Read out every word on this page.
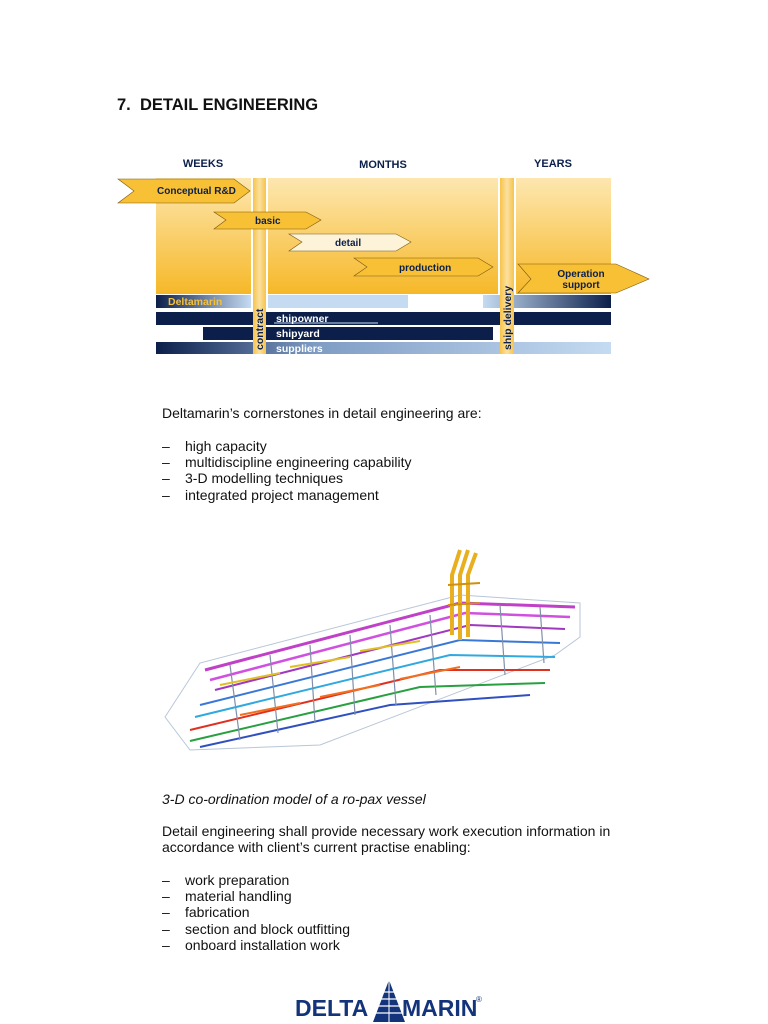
7. DETAIL ENGINEERING
WEEKS	MONTHS	YEARS
Deltamarin
shipowner
shipyard
suppliers
contract	ship delivery
Conceptual R&D
basic
detail
production
Operation
support
Deltamarin’s cornerstones in detail engineering are:
– high capacity
– multidiscipline engineering capability
– 3-D modelling techniques
– integrated project management
3-D co-ordination model of a ro-pax vessel
Detail engineering shall provide necessary work execution information in accordance with client’s current practise enabling:
– work preparation
– material handling
– fabrication
– section and block outfitting
– onboard installation work
DELTA MARIN
®
